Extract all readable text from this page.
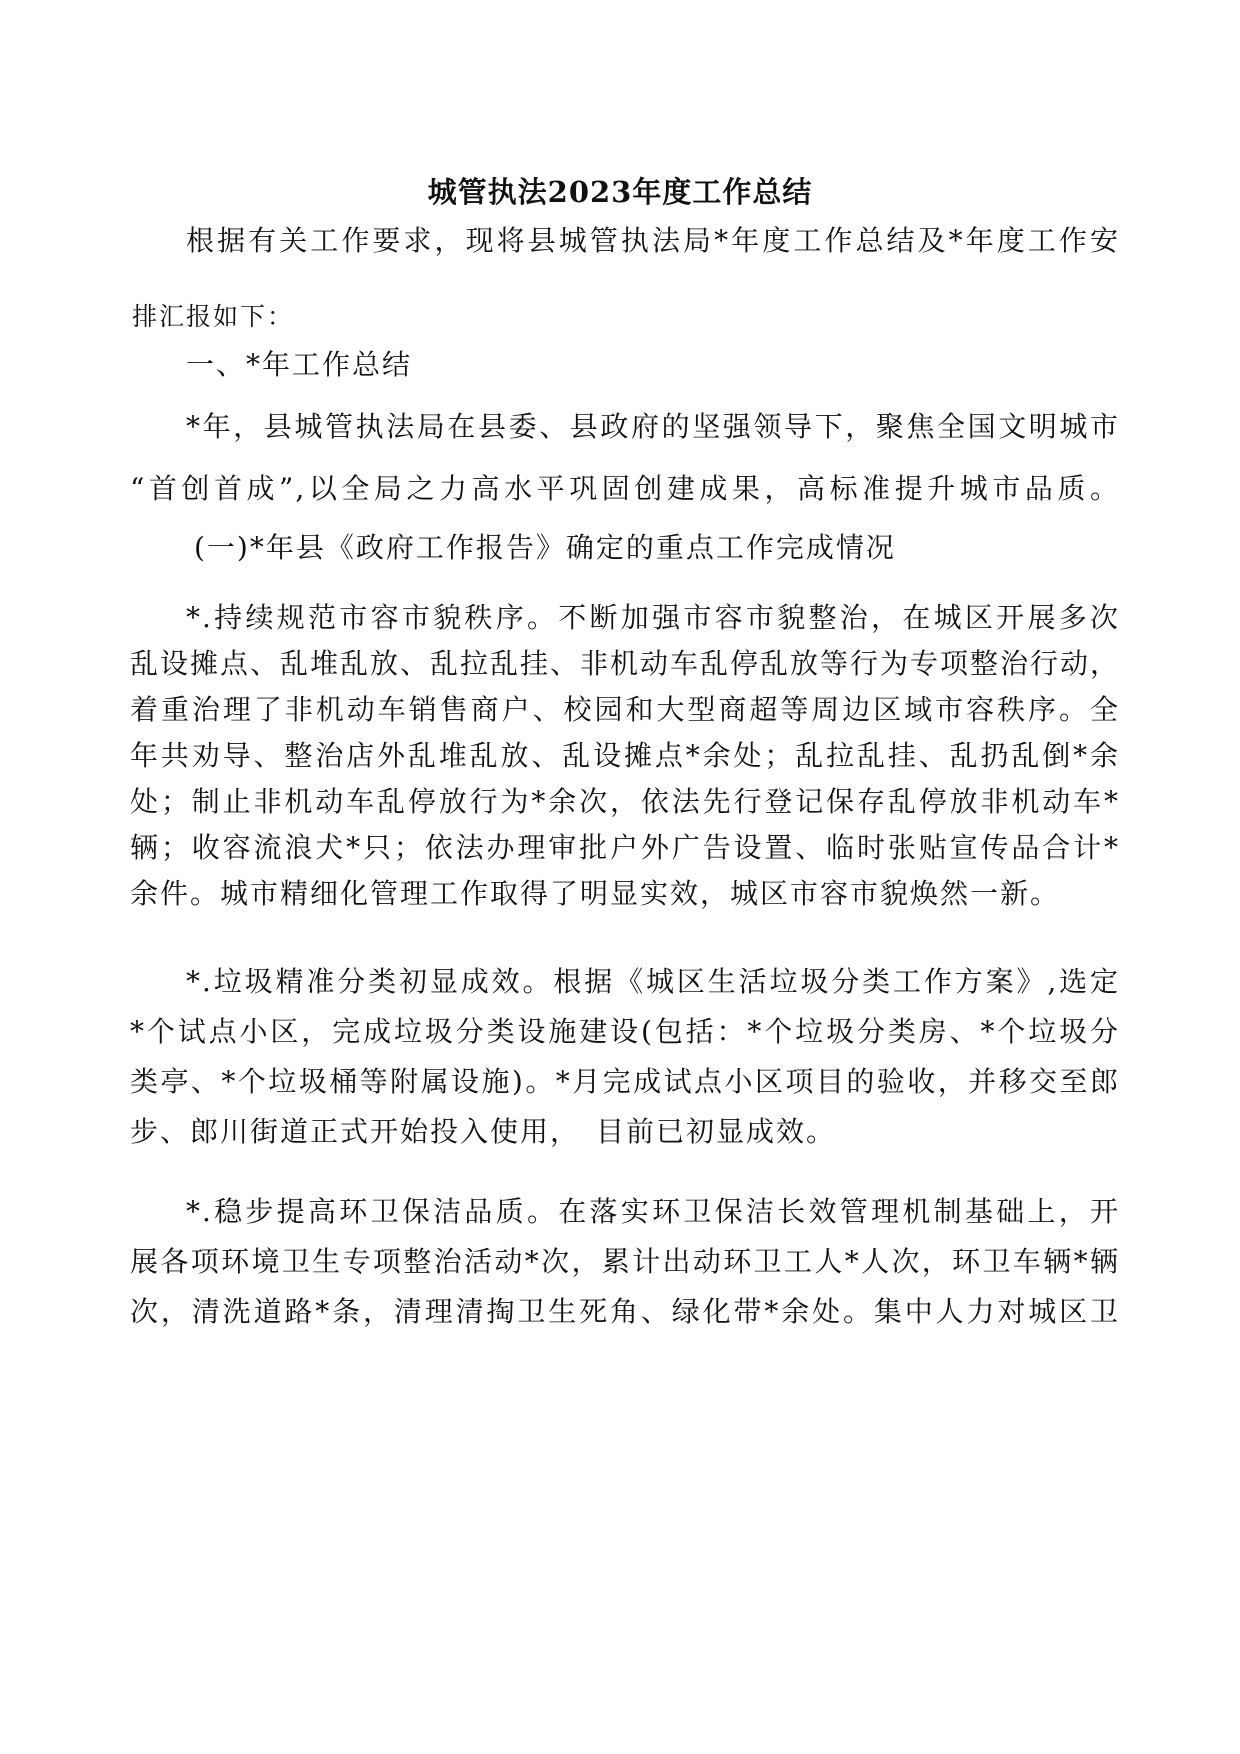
城管执法2023年度工作总结
根据有关工作要求，现将县城管执法局*年度工作总结及*年度工作安
排汇报如下：
一、*年工作总结
*年，县城管执法局在县委、县政府的坚强领导下，聚焦全国文明城市
“首创首成”,以全局之力高水平巩固创建成果，高标准提升城市品质。
(一)*年县《政府工作报告》确定的重点工作完成情况
*.持续规范市容市貌秩序。不断加强市容市貌整治，在城区开展多次
乱设摊点、乱堆乱放、乱拉乱挂、非机动车乱停乱放等行为专项整治行动，
着重治理了非机动车销售商户、校园和大型商超等周边区域市容秩序。全
年共劝导、整治店外乱堆乱放、乱设摊点*余处；乱拉乱挂、乱扔乱倒*余
处；制止非机动车乱停放行为*余次，依法先行登记保存乱停放非机动车*
辆；收容流浪犬*只；依法办理审批户外广告设置、临时张贴宣传品合计*
余件。城市精细化管理工作取得了明显实效，城区市容市貌焕然一新。
*.垃圾精准分类初显成效。根据《城区生活垃圾分类工作方案》,选定
*个试点小区，完成垃圾分类设施建设(包括：*个垃圾分类房、*个垃圾分
类亭、*个垃圾桶等附属设施)。*月完成试点小区项目的验收，并移交至郎
步、郎川街道正式开始投入使用，　目前已初显成效。
*.稳步提高环卫保洁品质。在落实环卫保洁长效管理机制基础上，开
展各项环境卫生专项整治活动*次，累计出动环卫工人*人次，环卫车辆*辆
次，清洗道路*条，清理清掏卫生死角、绿化带*余处。集中人力对城区卫
